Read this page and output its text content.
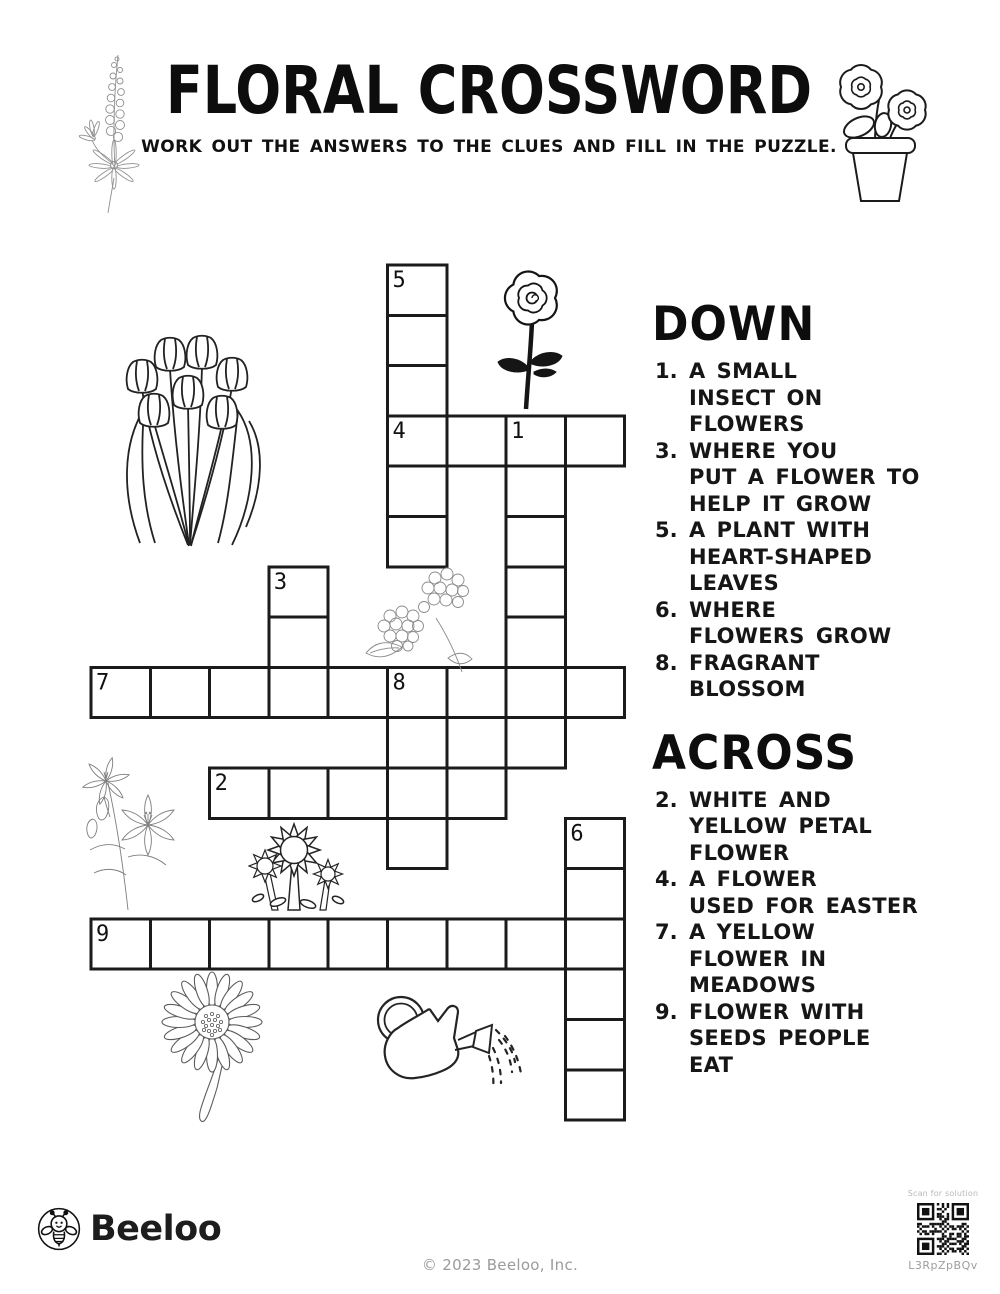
FLORAL CROSSWORD
WORK OUT THE ANSWERS TO THE CLUES AND FILL IN THE PUZZLE.
5
4	1
3
7	8
2
6
9
DOWN
1. A SMALL
INSECT ON
FLOWERS
3. WHERE YOU
PUT A FLOWER TO
HELP IT GROW
5. A PLANT WITH
HEART-SHAPED
LEAVES
6. WHERE
FLOWERS GROW
8. FRAGRANT
BLOSSOM
ACROSS
2. WHITE AND
YELLOW PETAL
FLOWER
4. A FLOWER
USED FOR EASTER
7. A YELLOW
FLOWER IN
MEADOWS
9. FLOWER WITH
SEEDS PEOPLE
EAT
Beeloo
© 2023 Beeloo, Inc.
Scan for solution
L3RpZpBQv
